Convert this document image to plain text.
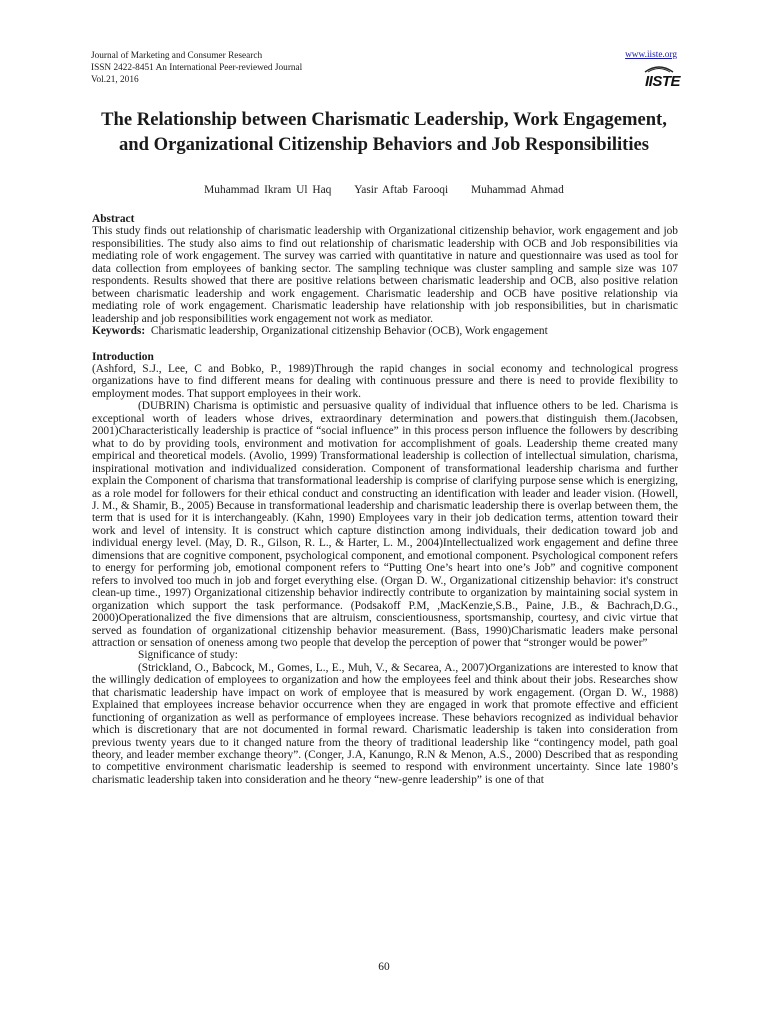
Journal of Marketing and Consumer Research
ISSN 2422-8451 An International Peer-reviewed Journal
Vol.21, 2016
www.iiste.org
IISTE
The Relationship between Charismatic Leadership, Work Engagement, and Organizational Citizenship Behaviors and Job Responsibilities
Muhammad Ikram Ul Haq Yasir Aftab Farooqi Muhammad Ahmad

Abstract

This study finds out relationship of charismatic leadership with Organizational citizenship behavior, work engagement and job responsibilities. The study also aims to find out relationship of charismatic leadership with OCB and Job responsibilities via mediating role of work engagement. The survey was carried with quantitative in nature and questionnaire was used as tool for data collection from employees of banking sector. The sampling technique was cluster sampling and sample size was 107 respondents. Results showed that there are positive relations between charismatic leadership and OCB, also positive relation between charismatic leadership and work engagement. Charismatic leadership and OCB have positive relationship via mediating role of work engagement. Charismatic leadership have relationship with job responsibilities, but in charismatic leadership and job responsibilities work engagement not work as mediator.

Keywords: Charismatic leadership, Organizational citizenship Behavior (OCB), Work engagement

Introduction

(Ashford, S.J., Lee, C and Bobko, P., 1989)Through the rapid changes in social economy and technological progress organizations have to find different means for dealing with continuous pressure and there is need to provide flexibility to employment modes. That support employees in their work.

(DUBRIN) Charisma is optimistic and persuasive quality of individual that influence others to be led. Charisma is exceptional worth of leaders whose drives, extraordinary determination and powers.that distinguish them.(Jacobsen, 2001)Characteristically leadership is practice of “social influence” in this process person influence the followers by describing what to do by providing tools, environment and motivation for accomplishment of goals. Leadership theme created many empirical and theoretical models. (Avolio, 1999) Transformational leadership is collection of intellectual simulation, charisma, inspirational motivation and individualized consideration. Component of transformational leadership charisma and further explain the Component of charisma that transformational leadership is comprise of clarifying purpose sense which is energizing, as a role model for followers for their ethical conduct and constructing an identification with leader and leader vision. (Howell, J. M., & Shamir, B., 2005) Because in transformational leadership and charismatic leadership there is overlap between them, the term that is used for it is interchangeably. (Kahn, 1990) Employees vary in their job dedication terms, attention toward their work and level of intensity. It is construct which capture distinction among individuals, their dedication toward job and individual energy level. (May, D. R., Gilson, R. L., & Harter, L. M., 2004)Intellectualized work engagement and define three dimensions that are cognitive component, psychological component, and emotional component. Psychological component refers to energy for performing job, emotional component refers to “Putting One’s heart into one’s Job” and cognitive component refers to involved too much in job and forget everything else. (Organ D. W., Organizational citizenship behavior: it's construct clean-up time., 1997) Organizational citizenship behavior indirectly contribute to organization by maintaining social system in organization which support the task performance. (Podsakoff P.M, ,MacKenzie,S.B., Paine, J.B., & Bachrach,D.G., 2000)Operationalized the five dimensions that are altruism, conscientiousness, sportsmanship, courtesy, and civic virtue that served as foundation of organizational citizenship behavior measurement. (Bass, 1990)Charismatic leaders make personal attraction or sensation of oneness among two people that develop the perception of power that “stronger would be power”

Significance of study:

(Strickland, O., Babcock, M., Gomes, L., E., Muh, V., & Secarea, A., 2007)Organizations are interested to know that the willingly dedication of employees to organization and how the employees feel and think about their jobs. Researches show that charismatic leadership have impact on work of employee that is measured by work engagement. (Organ D. W., 1988) Explained that employees increase behavior occurrence when they are engaged in work that promote effective and efficient functioning of organization as well as performance of employees increase. These behaviors recognized as individual behavior which is discretionary that are not documented in formal reward. Charismatic leadership is taken into consideration from previous twenty years due to it changed nature from the theory of traditional leadership like “contingency model, path goal theory, and leader member exchange theory”. (Conger, J.A, Kanungo, R.N & Menon, A.S., 2000) Described that as responding to competitive environment charismatic leadership is seemed to respond with environment uncertainty. Since late 1980’s charismatic leadership taken into consideration and he theory “new-genre leadership” is one of that

60
